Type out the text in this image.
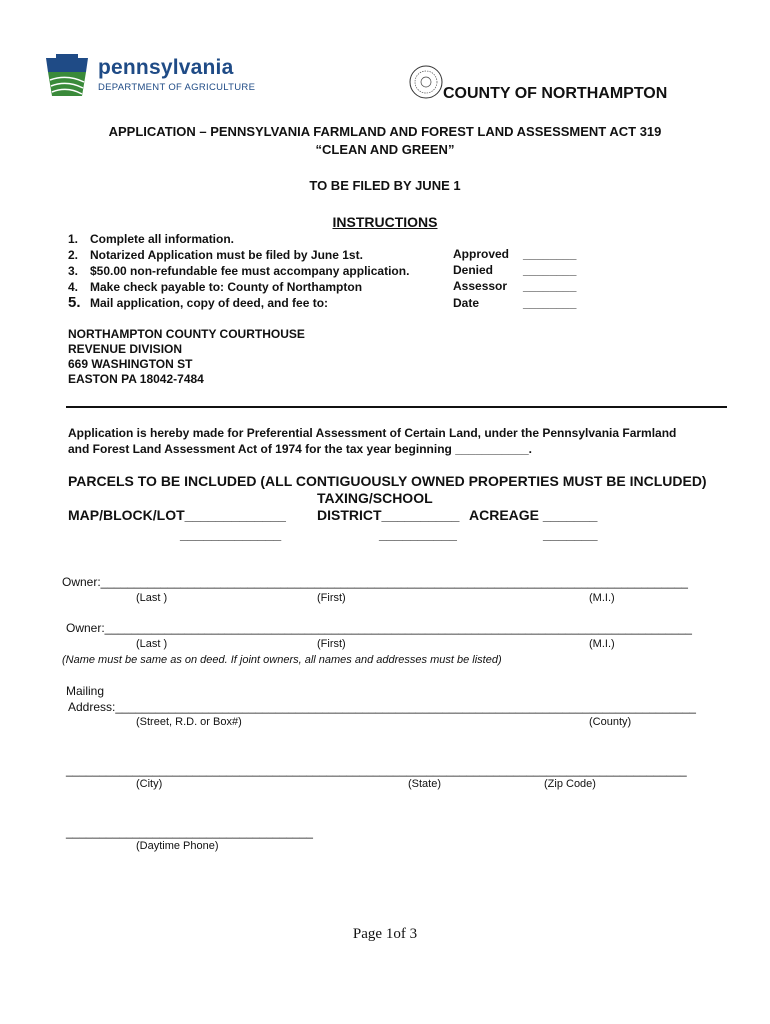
pennsylvania
DEPARTMENT OF AGRICULTURE	COUNTY OF NORTHAMPTON
APPLICATION – PENNSYLVANIA FARMLAND AND FOREST LAND ASSESSMENT ACT 319
“CLEAN AND GREEN”
TO BE FILED BY JUNE 1
INSTRUCTIONS
1. Complete all information.
2. Notarized Application must be filed by June 1st.
3. $50.00 non-refundable fee must accompany application.
4. Make check payable to: County of Northampton
5. Mail application, copy of deed, and fee to:
Approved ________
Denied ________
Assessor ________
Date	________
NORTHAMPTON COUNTY COURTHOUSE
REVENUE DIVISION
669 WASHINGTON ST
EASTON PA 18042-7484
Application is hereby made for Preferential Assessment of Certain Land, under the Pennsylvania Farmland
and Forest Land Assessment Act of 1974 for the tax year beginning ___________.
PARCELS TO BE INCLUDED (ALL CONTIGUOUSLY OWNED PROPERTIES MUST BE INCLUDED)
TAXING/SCHOOL
MAP/BLOCK/LOT_____________ DISTRICT__________ ACREAGE _______
_____________	__________	_______
Owner:________________________________________________________________________________________
(Last )	(First)	(M.I.)
Owner:________________________________________________________________________________________
(Last )	(First)	(M.I.)
(Name must be same as on deed. If joint owners, all names and addresses must be listed)
Mailing
Address:_______________________________________________________________________________________
(Street, R.D. or Box#)	(County)
_____________________________________________________________________________________________
(City)	(State)	(Zip Code)
_____________________________________
(Daytime Phone)
Page 1of 3
